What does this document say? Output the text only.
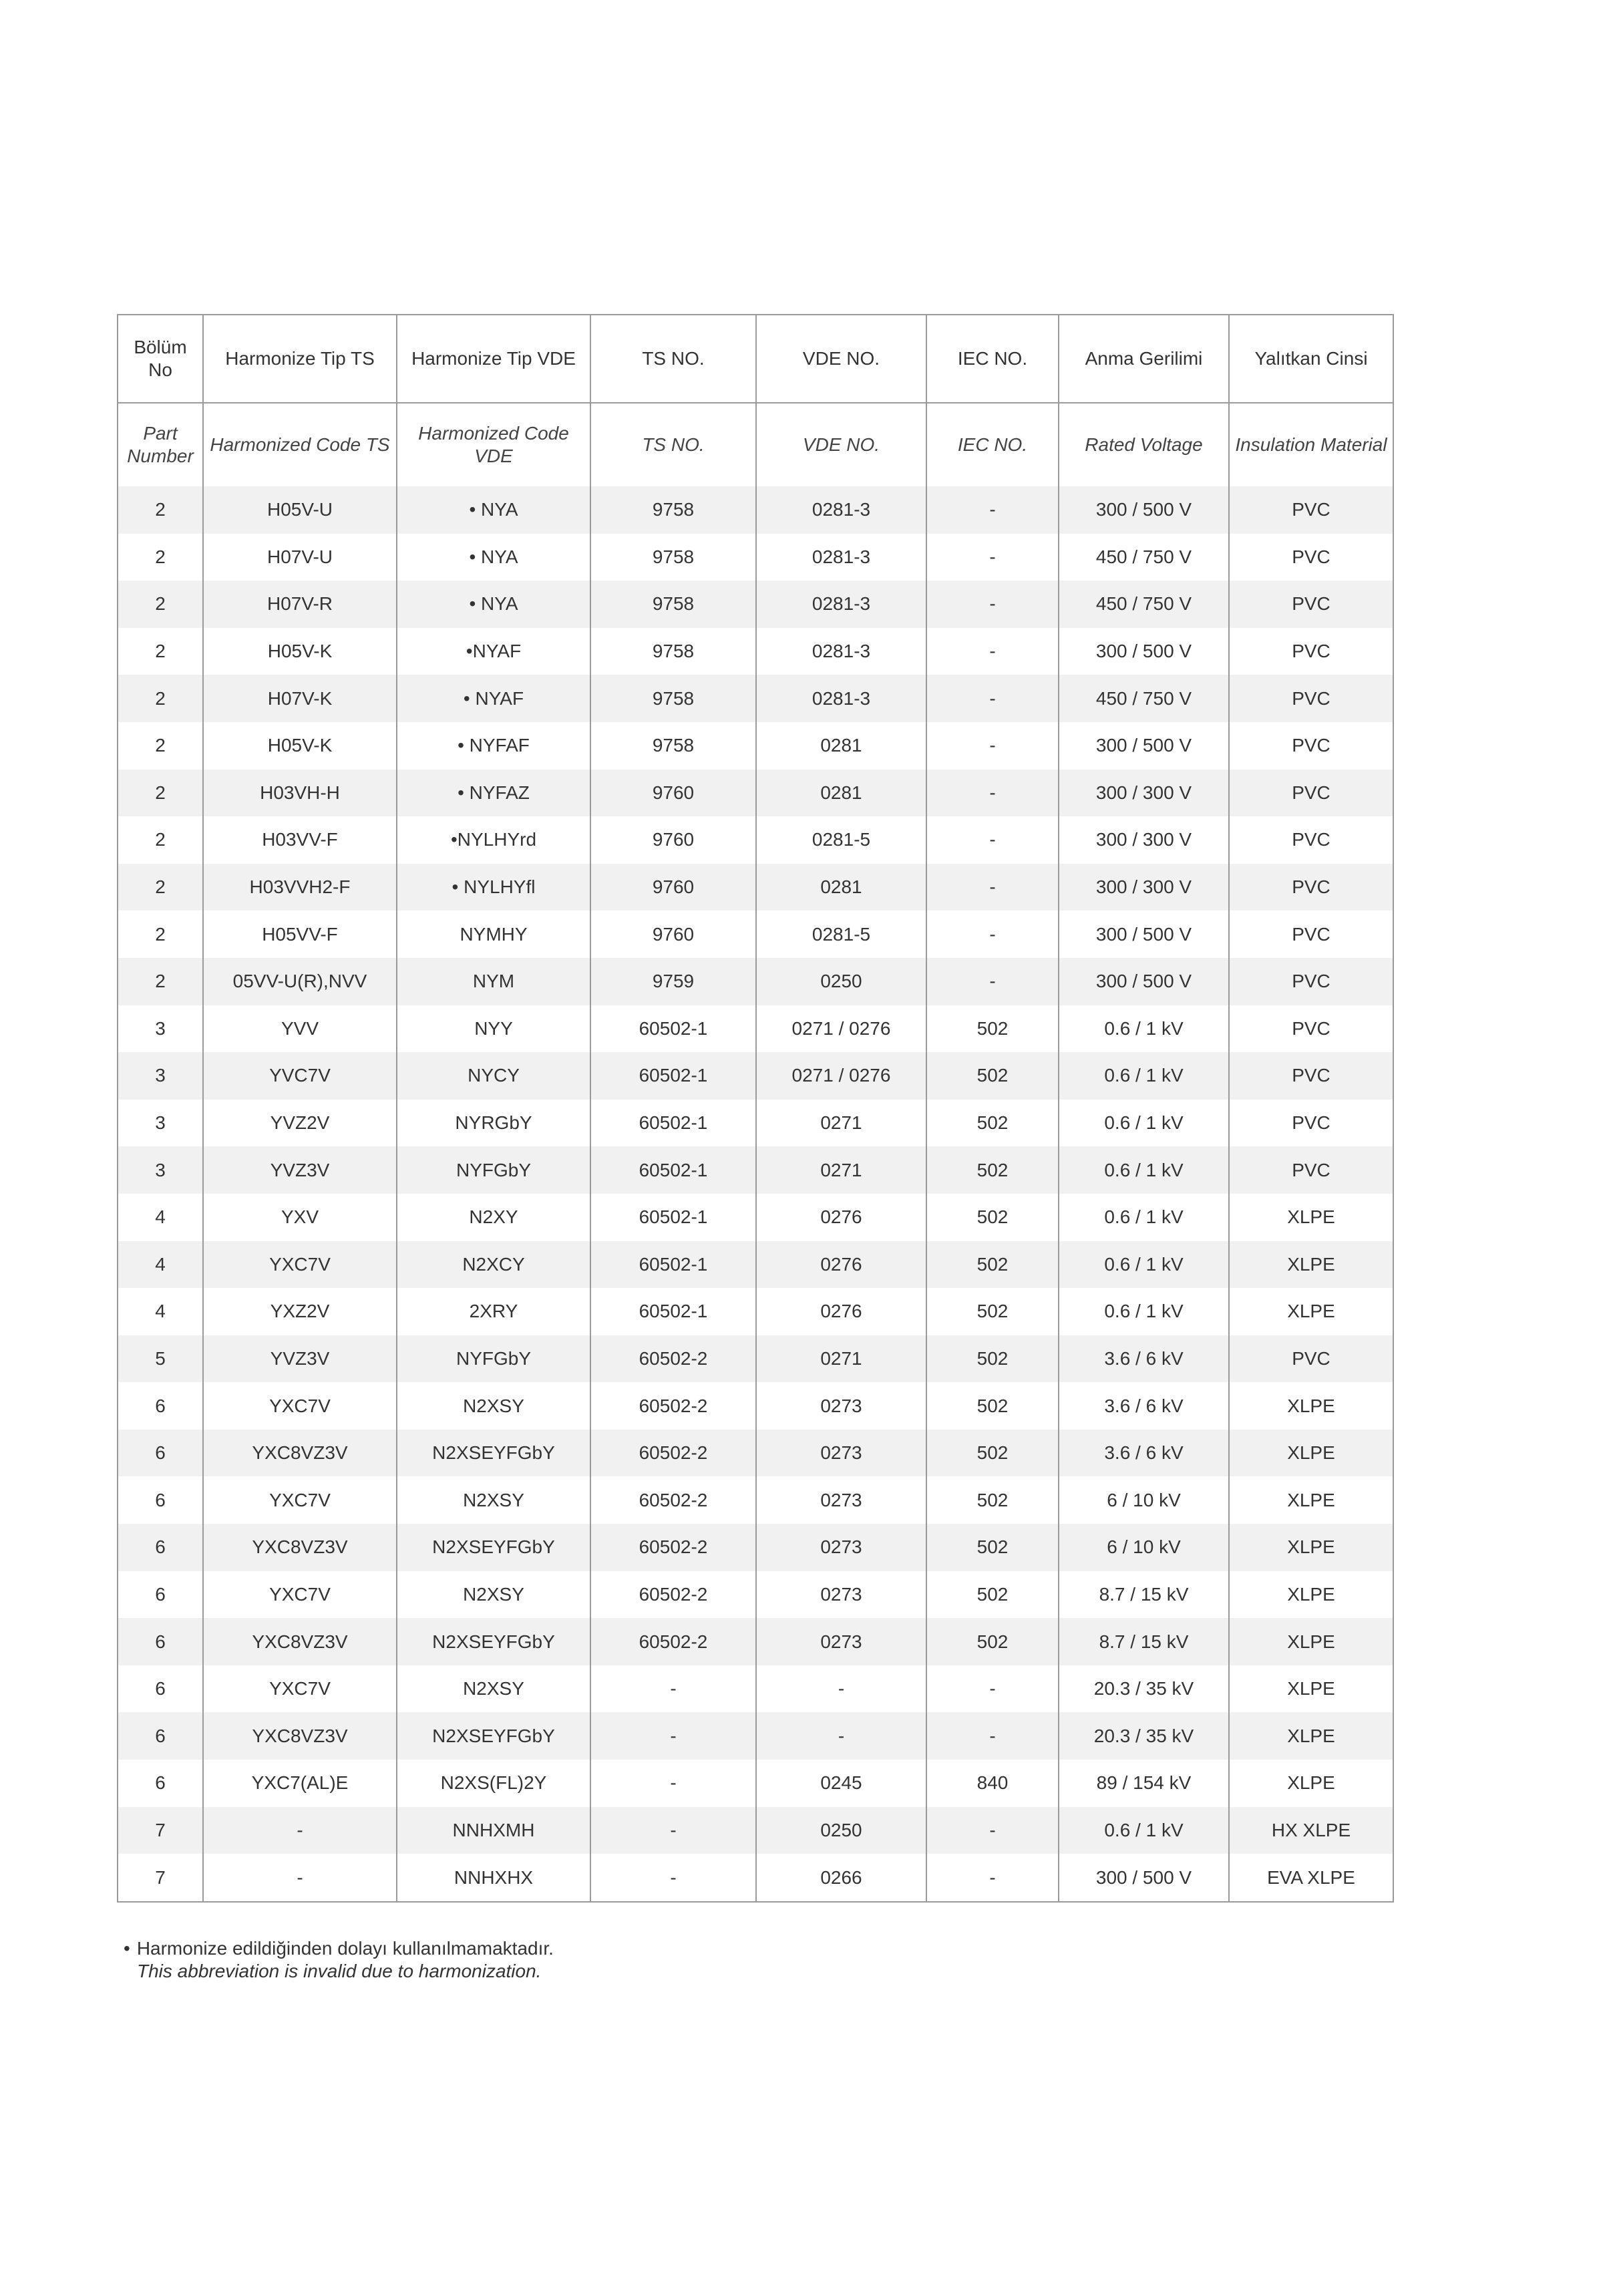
Bölüm No	Harmonize Tip TS	Harmonize Tip VDE	TS NO.	VDE NO.	IEC NO.	Anma Gerilimi	Yalıtkan Cinsi
Part Number	Harmonized Code TS	Harmonized Code VDE	TS NO.	VDE NO.	IEC NO.	Rated Voltage	Insulation Material
2	H05V-U	• NYA	9758	0281-3	-	300 / 500 V	PVC
2	H07V-U	• NYA	9758	0281-3	-	450 / 750 V	PVC
2	H07V-R	• NYA	9758	0281-3	-	450 / 750 V	PVC
2	H05V-K	•NYAF	9758	0281-3	-	300 / 500 V	PVC
2	H07V-K	• NYAF	9758	0281-3	-	450 / 750 V	PVC
2	H05V-K	• NYFAF	9758	0281	-	300 / 500 V	PVC
2	H03VH-H	• NYFAZ	9760	0281	-	300 / 300 V	PVC
2	H03VV-F	•NYLHYrd	9760	0281-5	-	300 / 300 V	PVC
2	H03VVH2-F	• NYLHYfl	9760	0281	-	300 / 300 V	PVC
2	H05VV-F	NYMHY	9760	0281-5	-	300 / 500 V	PVC
2	05VV-U(R),NVV	NYM	9759	0250	-	300 / 500 V	PVC
3	YVV	NYY	60502-1	0271 / 0276	502	0.6 / 1 kV	PVC
3	YVC7V	NYCY	60502-1	0271 / 0276	502	0.6 / 1 kV	PVC
3	YVZ2V	NYRGbY	60502-1	0271	502	0.6 / 1 kV	PVC
3	YVZ3V	NYFGbY	60502-1	0271	502	0.6 / 1 kV	PVC
4	YXV	N2XY	60502-1	0276	502	0.6 / 1 kV	XLPE
4	YXC7V	N2XCY	60502-1	0276	502	0.6 / 1 kV	XLPE
4	YXZ2V	2XRY	60502-1	0276	502	0.6 / 1 kV	XLPE
5	YVZ3V	NYFGbY	60502-2	0271	502	3.6 / 6 kV	PVC
6	YXC7V	N2XSY	60502-2	0273	502	3.6 / 6 kV	XLPE
6	YXC8VZ3V	N2XSEYFGbY	60502-2	0273	502	3.6 / 6 kV	XLPE
6	YXC7V	N2XSY	60502-2	0273	502	6 / 10 kV	XLPE
6	YXC8VZ3V	N2XSEYFGbY	60502-2	0273	502	6 / 10 kV	XLPE
6	YXC7V	N2XSY	60502-2	0273	502	8.7 / 15 kV	XLPE
6	YXC8VZ3V	N2XSEYFGbY	60502-2	0273	502	8.7 / 15 kV	XLPE
6	YXC7V	N2XSY	-	-	-	20.3 / 35 kV	XLPE
6	YXC8VZ3V	N2XSEYFGbY	-	-	-	20.3 / 35 kV	XLPE
6	YXC7(AL)E	N2XS(FL)2Y	-	0245	840	89 / 154 kV	XLPE
7	-	NNHXMH	-	0250	-	0.6 / 1 kV	HX XLPE
7	-	NNHXHX	-	0266	-	300 / 500 V	EVA XLPE
• Harmonize edildiğinden dolayı kullanılmamaktadır.
This abbreviation is invalid due to harmonization.
